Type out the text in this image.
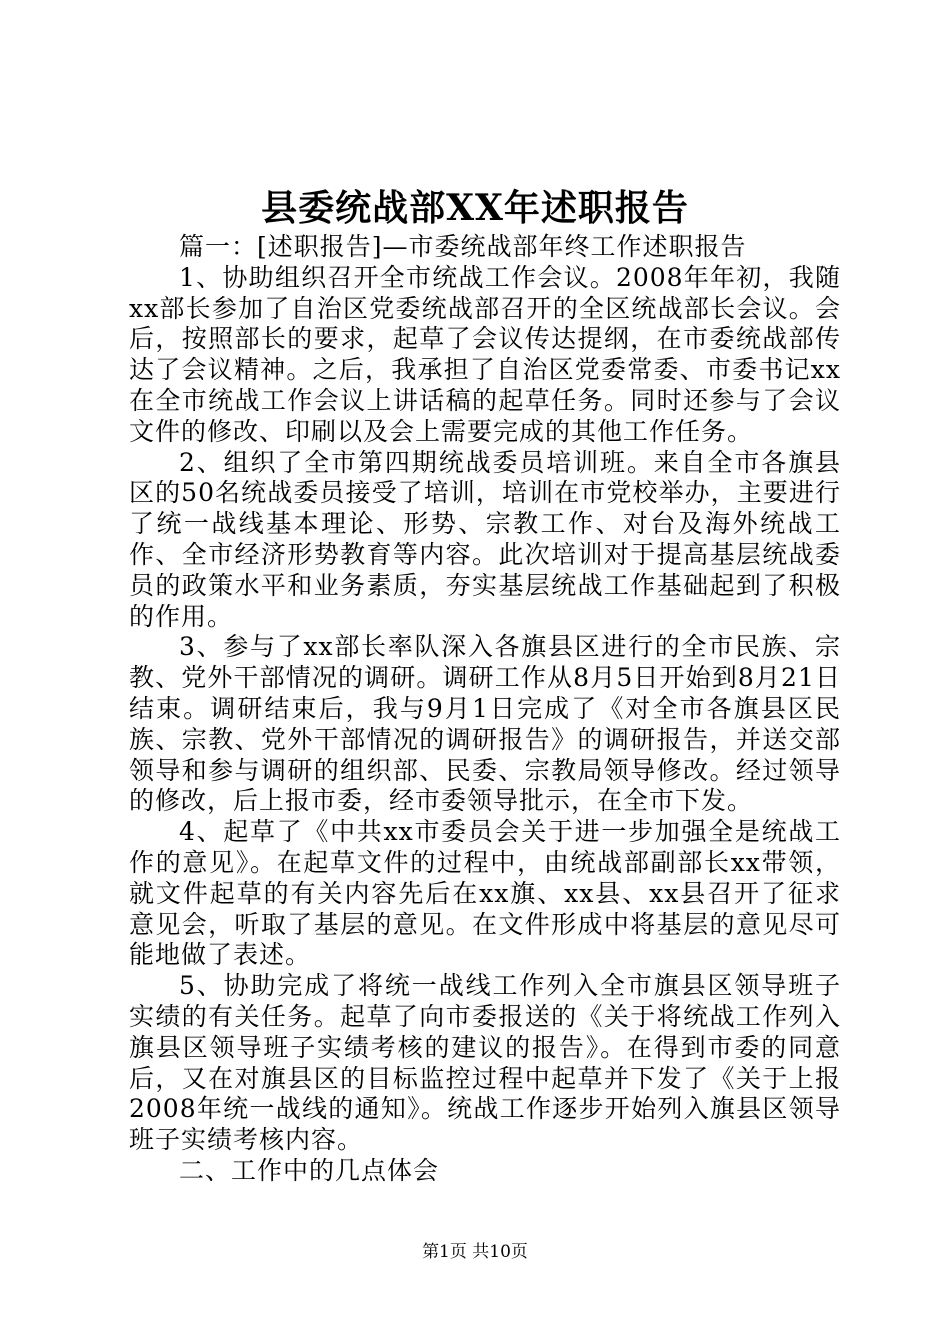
县委统战部XX年述职报告

篇一：[述职报告]—市委统战部年终工作述职报告

1、协助组织召开全市统战工作会议。2008年年初，我随xx部长参加了自治区党委统战部召开的全区统战部长会议。会后，按照部长的要求，起草了会议传达提纲，在市委统战部传达了会议精神。之后，我承担了自治区党委常委、市委书记xx在全市统战工作会议上讲话稿的起草任务。同时还参与了会议文件的修改、印刷以及会上需要完成的其他工作任务。

2、组织了全市第四期统战委员培训班。来自全市各旗县区的50名统战委员接受了培训，培训在市党校举办，主要进行了统一战线基本理论、形势、宗教工作、对台及海外统战工作、全市经济形势教育等内容。此次培训对于提高基层统战委员的政策水平和业务素质，夯实基层统战工作基础起到了积极的作用。

3、参与了xx部长率队深入各旗县区进行的全市民族、宗教、党外干部情况的调研。调研工作从8月5日开始到8月21日结束。调研结束后，我与9月1日完成了《对全市各旗县区民族、宗教、党外干部情况的调研报告》的调研报告，并送交部领导和参与调研的组织部、民委、宗教局领导修改。经过领导的修改，后上报市委，经市委领导批示，在全市下发。

4、起草了《中共xx市委员会关于进一步加强全是统战工作的意见》。在起草文件的过程中，由统战部副部长xx带领，就文件起草的有关内容先后在xx旗、xx县、xx县召开了征求意见会，听取了基层的意见。在文件形成中将基层的意见尽可能地做了表述。

5、协助完成了将统一战线工作列入全市旗县区领导班子实绩的有关任务。起草了向市委报送的《关于将统战工作列入旗县区领导班子实绩考核的建议的报告》。在得到市委的同意后，又在对旗县区的目标监控过程中起草并下发了《关于上报2008年统一战线的通知》。统战工作逐步开始列入旗县区领导班子实绩考核内容。

二、工作中的几点体会

第1页 共10页
